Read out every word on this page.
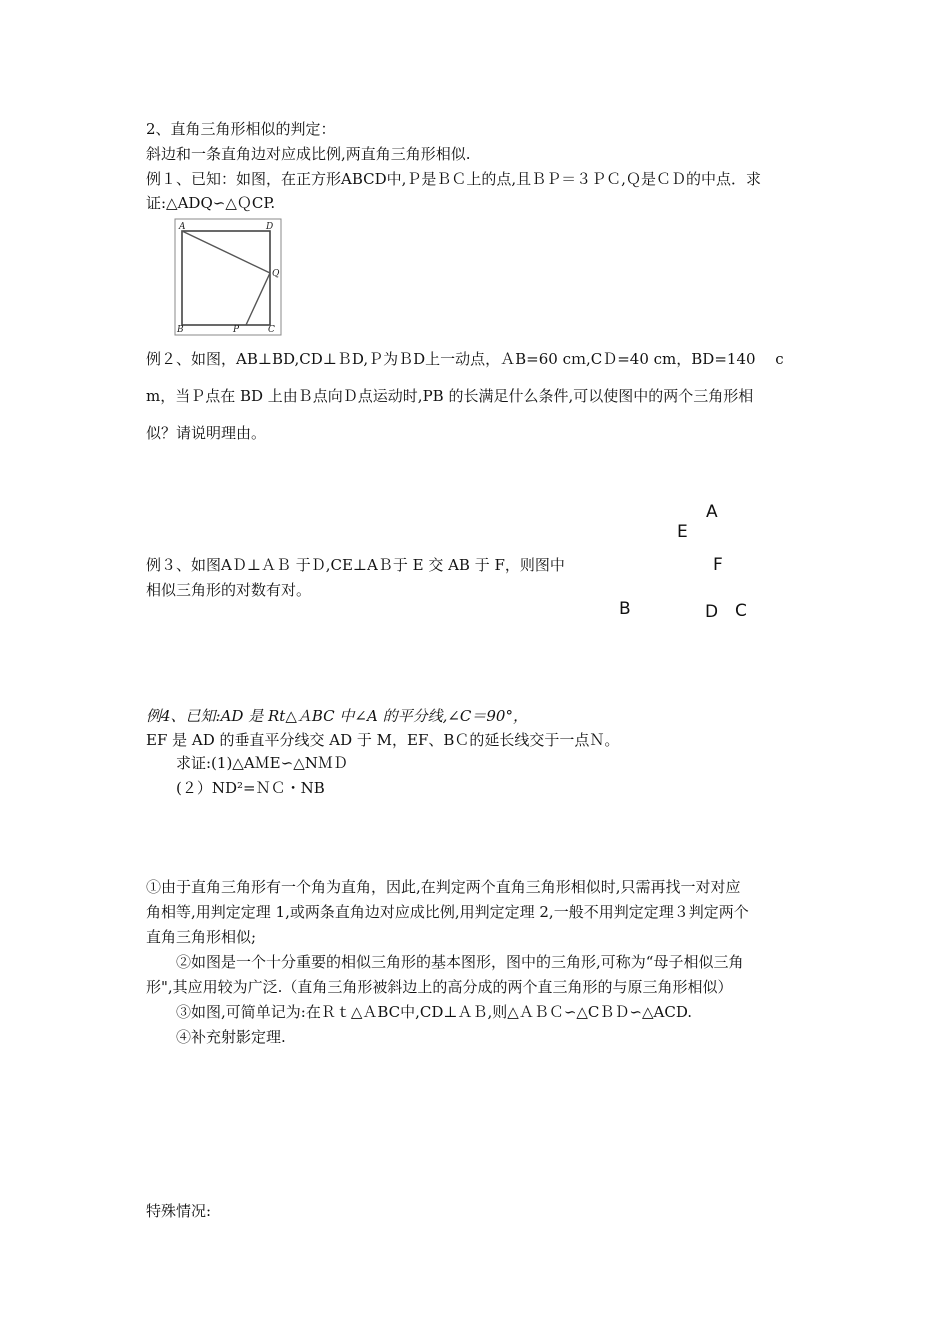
2、直角三角形相似的判定：
斜边和一条直角边对应成比例,两直角三角形相似.
例１、已知：如图，在正方形ABCD中,Ｐ是ＢＣ上的点,且ＢＰ＝３ＰＣ,Ｑ是ＣＤ的中点．求
证:△ADQ∽△ＱCP.
A	D
Q
B	P	C
例２、如图，AB⊥BD,CD⊥ＢD,Ｐ为ＢD上一动点，ＡB=60 cｍ,CＤ=40 cm，BD=140　 c
m，当Ｐ点在 BD 上由Ｂ点向Ｄ点运动时,PB 的长满足什么条件,可以使图中的两个三角形相
似？请说明理由。
例３、如图AＤ⊥ＡＢ 于Ｄ,CE⊥AＢ于 E 交 AB 于 F，则图中
相似三角形的对数有对。
A
E
F
B	D C
例4、已知:AD 是 Rt△ＡBC 中∠A 的平分线,∠C＝90°，
EF 是 AD 的垂直平分线交 AD 于 M，EF、BＣ的延长线交于一点Ｎ。
求证:(1)△AＭE∽△NＭＤ
(２）ND²=ＮＣ・NB
①由于直角三角形有一个角为直角，因此,在判定两个直角三角形相似时,只需再找一对对应
角相等,用判定定理 1,或两条直角边对应成比例,用判定定理 2,一般不用判定定理３判定两个
直角三角形相似;
②如图是一个十分重要的相似三角形的基本图形，图中的三角形,可称为“母子相似三角
形",其应用较为广泛.（直角三角形被斜边上的高分成的两个直三角形的与原三角形相似）
③如图,可简单记为:在Ｒｔ△ＡBC中,CD⊥ＡＢ,则△ＡＢＣ∽△CＢＤ∽△ACD.
④补充射影定理.
特殊情况:
